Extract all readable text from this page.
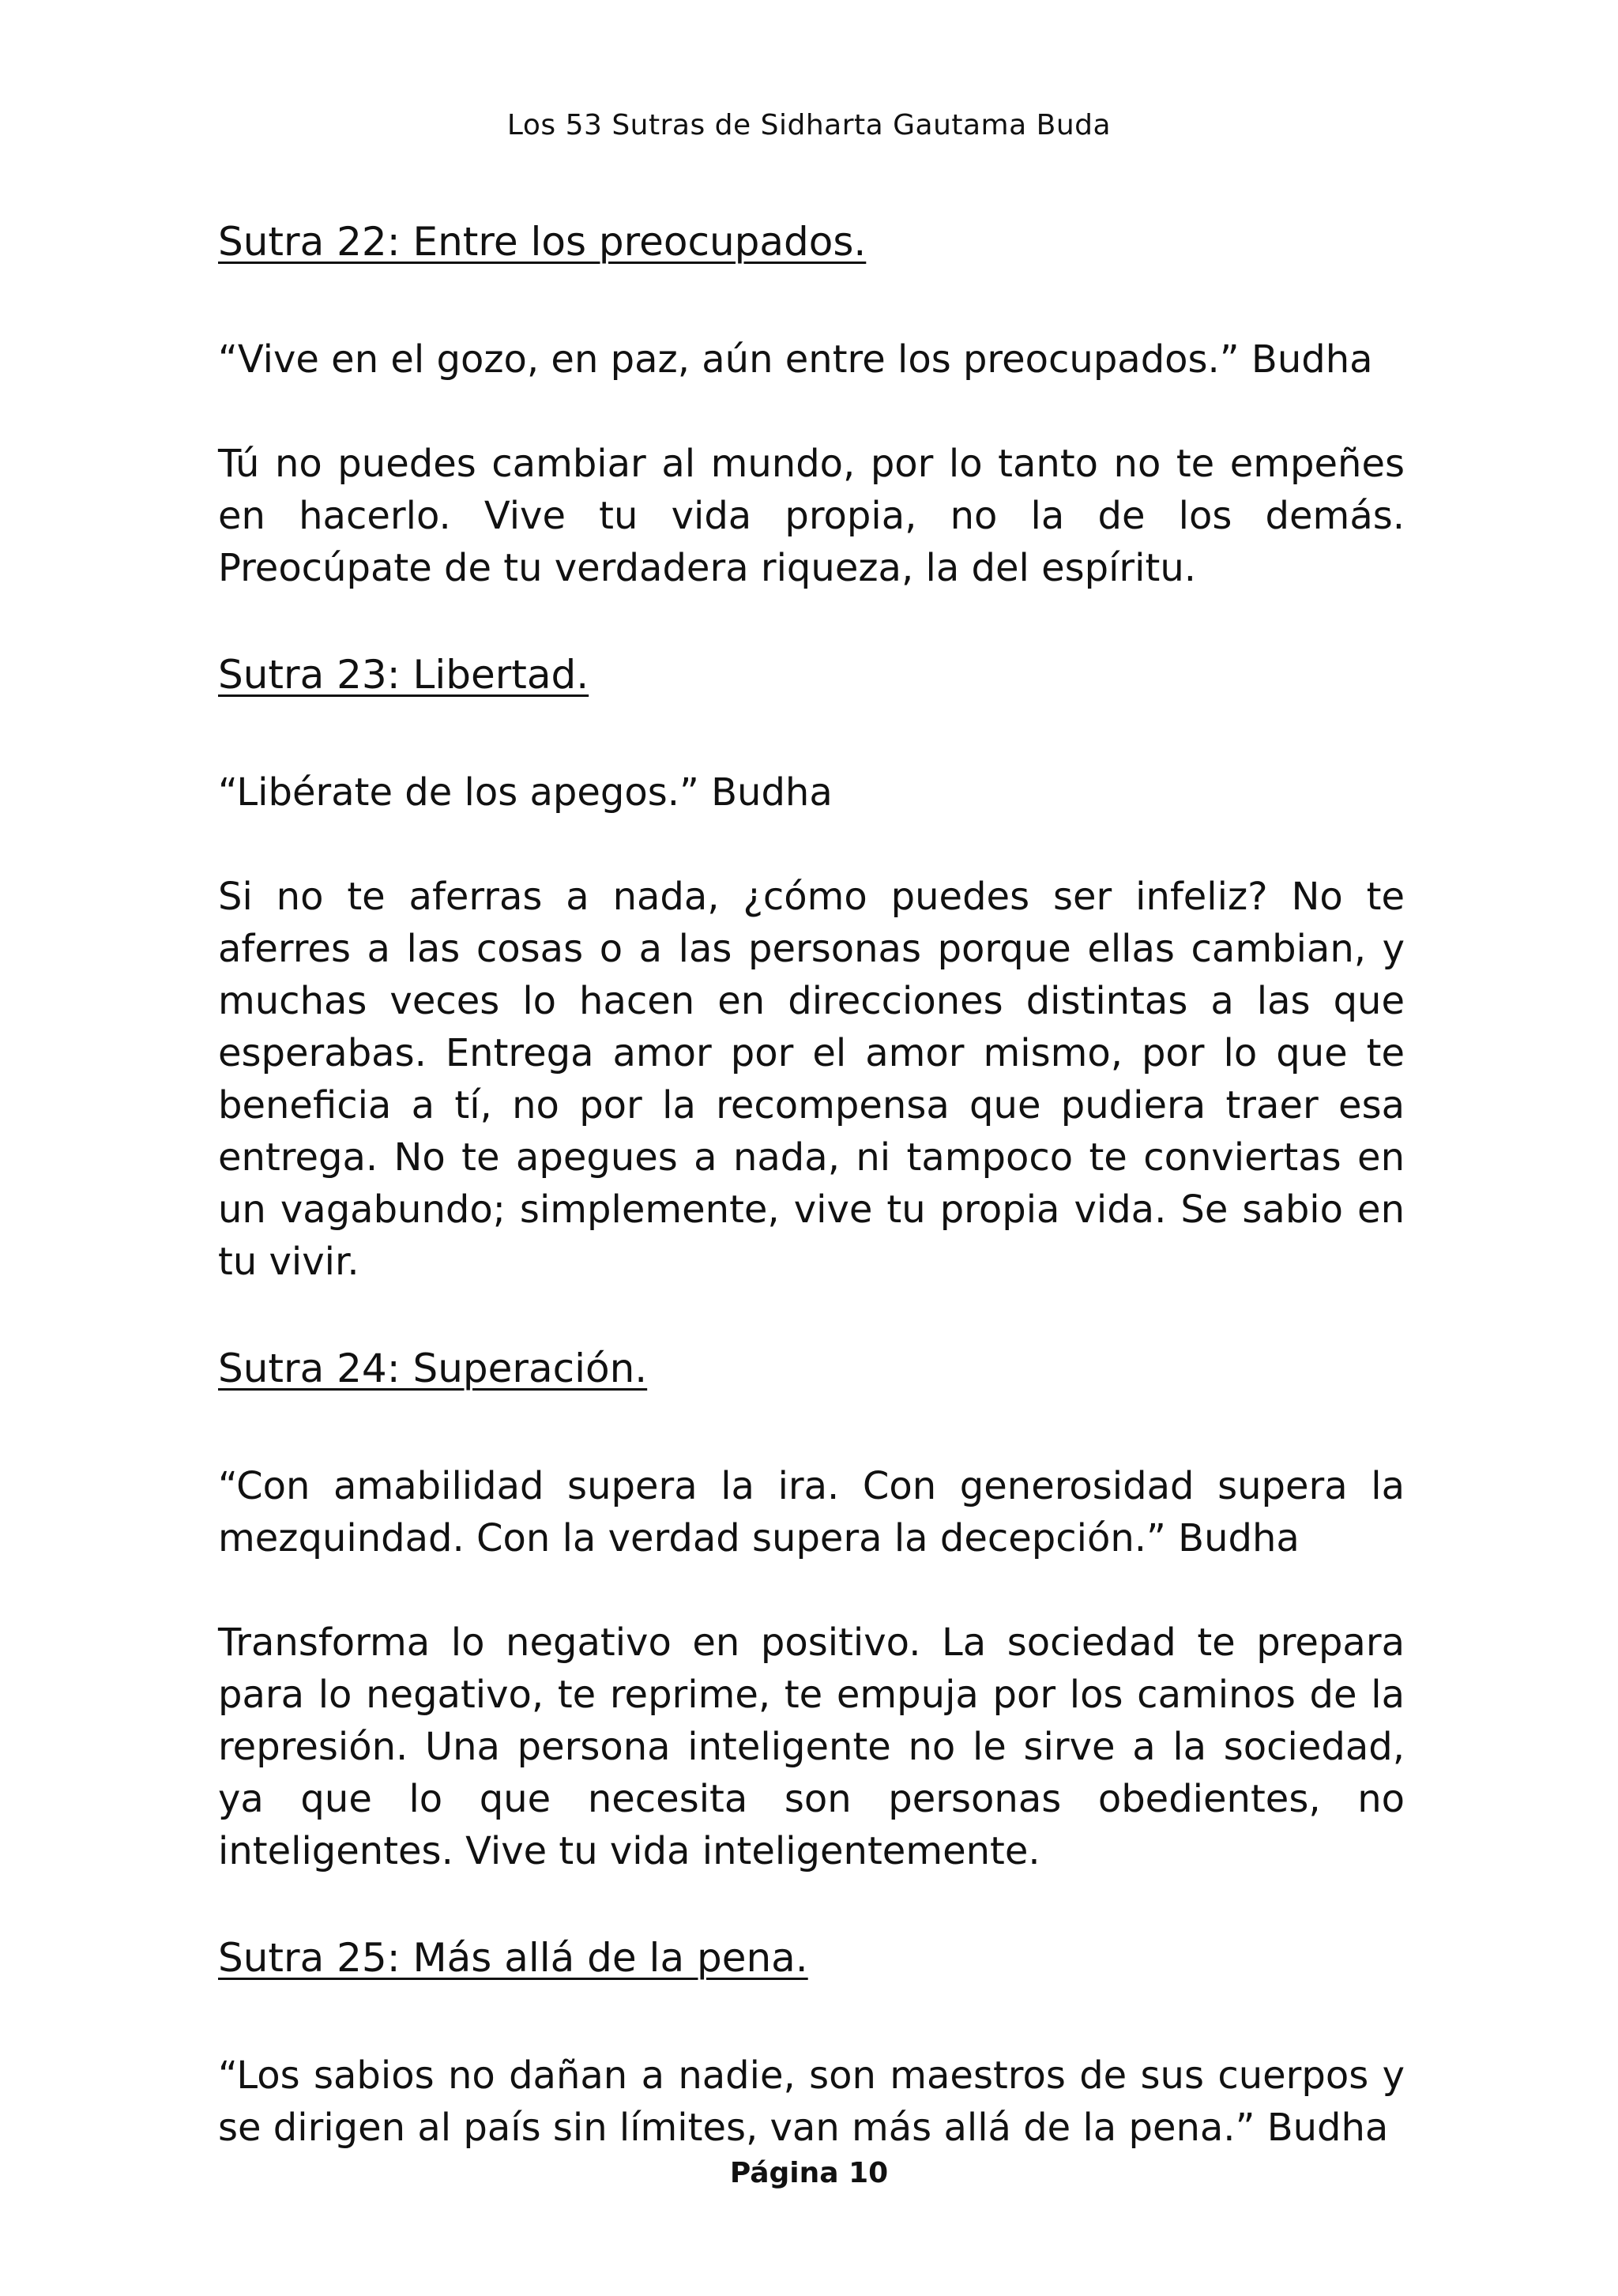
Los 53 Sutras de Sidharta Gautama Buda
Sutra 22: Entre los preocupados.

“Vive en el gozo, en paz, aún entre los preocupados.” Budha

Tú no puedes cambiar al mundo, por lo tanto no te empeñes en hacerlo. Vive tu vida propia, no la de los demás. Preocúpate de tu verdadera riqueza, la del espíritu.

Sutra 23: Libertad.

“Libérate de los apegos.” Budha

Si no te aferras a nada, ¿cómo puedes ser infeliz? No te aferres a las cosas o a las personas porque ellas cambian, y muchas veces lo hacen en direcciones distintas a las que esperabas. Entrega amor por el amor mismo, por lo que te beneficia a tí, no por la recompensa que pudiera traer esa entrega. No te apegues a nada, ni tampoco te conviertas en un vagabundo; simplemente, vive tu propia vida. Se sabio en tu vivir.

Sutra 24: Superación.

“Con amabilidad supera la ira. Con generosidad supera la mezquindad. Con la verdad supera la decepción.” Budha

Transforma lo negativo en positivo. La sociedad te prepara para lo negativo, te reprime, te empuja por los caminos de la represión. Una persona inteligente no le sirve a la sociedad, ya que lo que necesita son personas obedientes, no inteligentes. Vive tu vida inteligentemente.

Sutra 25: Más allá de la pena.

“Los sabios no dañan a nadie, son maestros de sus cuerpos y se dirigen al país sin límites, van más allá de la pena.” Budha

Página 10
